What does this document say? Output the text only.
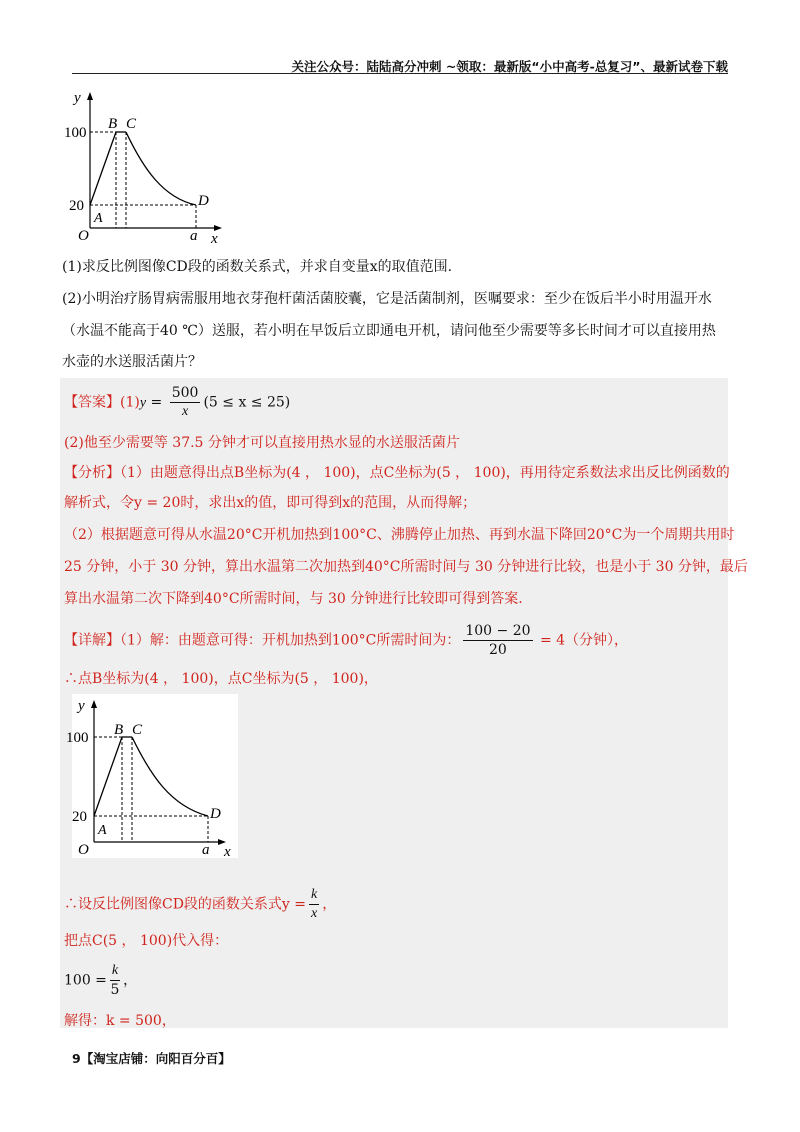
关注公众号：陆陆高分冲刺 ~领取：最新版“小中高考-总复习”、最新试卷下载
y
100
20
A
B C
D
O	a x
(1)求反比例图像CD段的函数关系式，并求自变量x的取值范围.
(2)小明治疗肠胃病需服用地衣芽孢杆菌活菌胶囊，它是活菌制剂，医嘱要求：至少在饭后半小时用温开水
（水温不能高于40 ℃）送服，若小明在早饭后立即通电开机，请问他至少需要等多长时间才可以直接用热
水壶的水送服活菌片？
【答案】$(1)y = \frac{500}{x} (5 \le x \le 25)$
(2)他至少需要等 37.5 分钟才可以直接用热水显的水送服活菌片
【分析】（1）由题意得出点B坐标为(4 ， 100)，点C坐标为(5 ， 100)，再用待定系数法求出反比例函数的
解析式，令y = 20时，求出x的值，即可得到x的范围，从而得解；
（2）根据题意可得从水温20°C开机加热到100°C、沸腾停止加热、再到水温下降回20°C为一个周期共用时
25 分钟，小于 30 分钟，算出水温第二次加热到40°C所需时间与 30 分钟进行比较，也是小于 30 分钟，最后
算出水温第二次下降到40°C所需时间，与 30 分钟进行比较即可得到答案.
【详解】（1）解：由题意可得：开机加热到100°C所需时间为： $\frac{100 - 20}{20} = 4$（分钟），
∴点B坐标为(4 ， 100)，点C坐标为(5 ， 100)，
y
100
20
A
B C
D
O	a x
∴设反比例图像CD段的函数关系式$y = \frac{k}{x}$ ，
把点C(5 ， 100)代入得：
$100 = \frac{k}{5}$ ，
解得：k = 500，
9【淘宝店铺：向阳百分百】
